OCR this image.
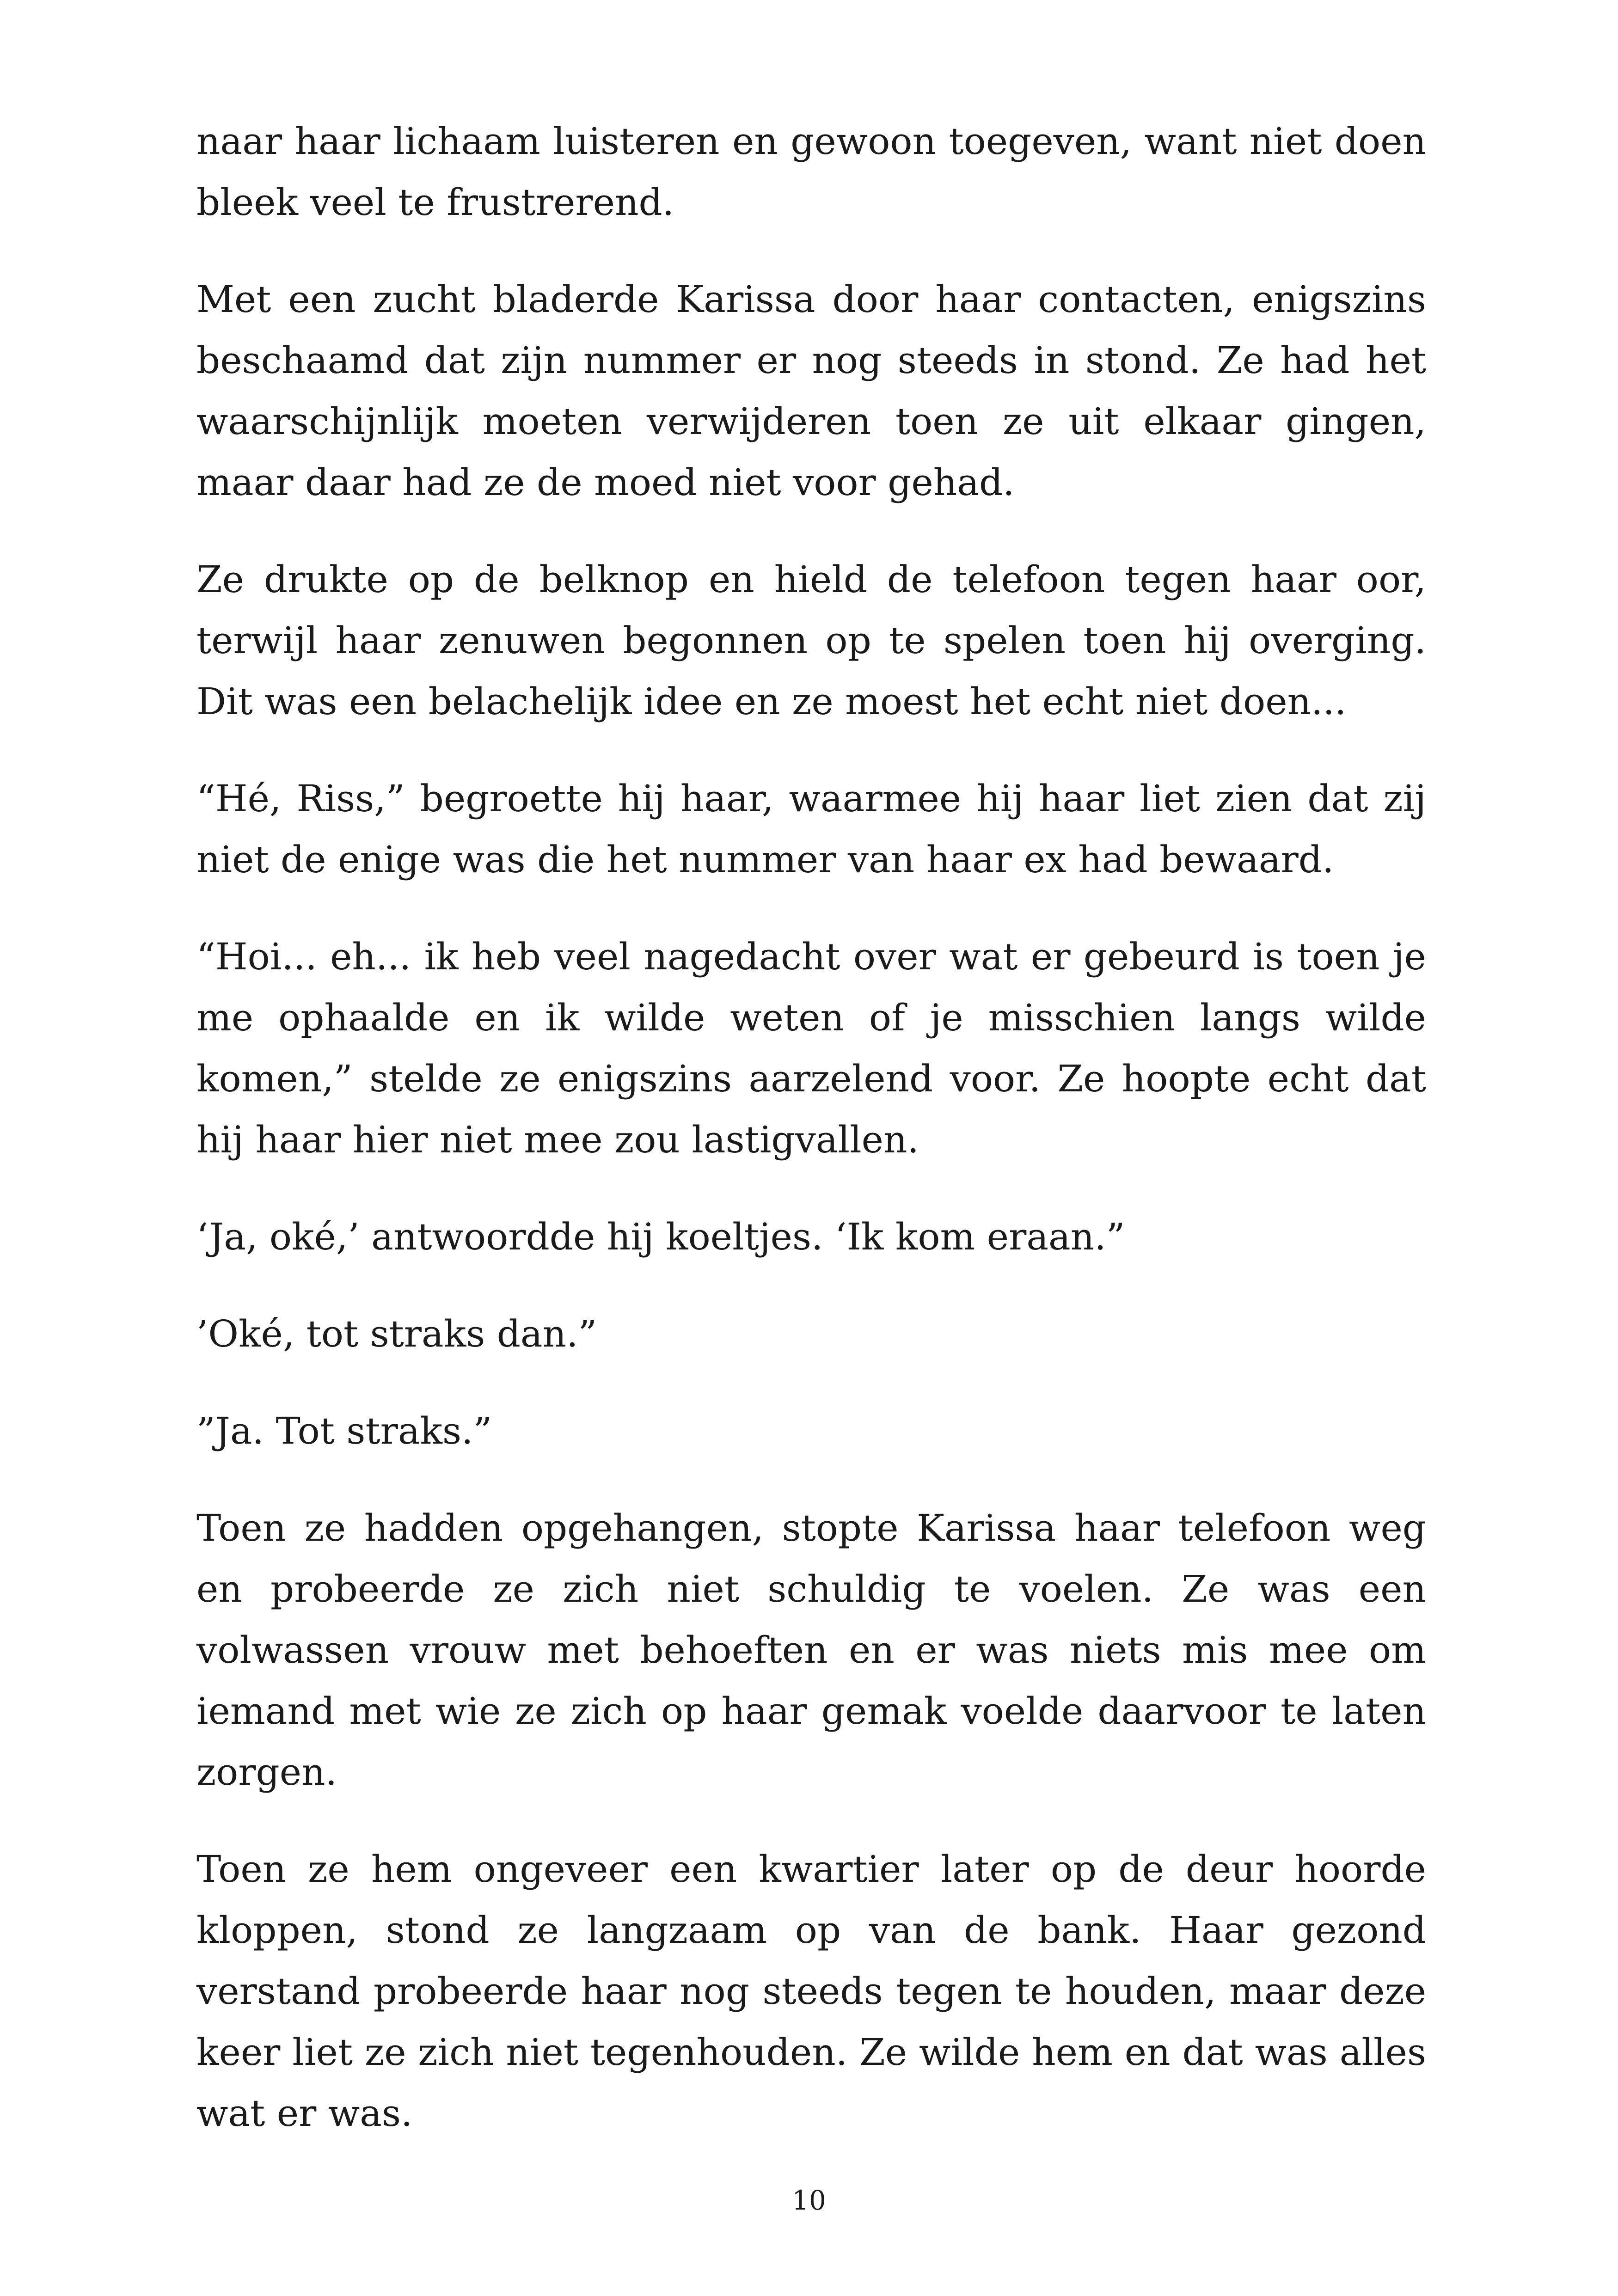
naar haar lichaam luisteren en gewoon toegeven, want niet doen bleek veel te frustrerend.

Met een zucht bladerde Karissa door haar contacten, enigszins beschaamd dat zijn nummer er nog steeds in stond. Ze had het waarschijnlijk moeten verwijderen toen ze uit elkaar gingen, maar daar had ze de moed niet voor gehad.

Ze drukte op de belknop en hield de telefoon tegen haar oor, terwijl haar zenuwen begonnen op te spelen toen hij overging. Dit was een belachelijk idee en ze moest het echt niet doen...

“Hé, Riss,” begroette hij haar, waarmee hij haar liet zien dat zij niet de enige was die het nummer van haar ex had bewaard.

“Hoi... eh... ik heb veel nagedacht over wat er gebeurd is toen je me ophaalde en ik wilde weten of je misschien langs wilde komen,” stelde ze enigszins aarzelend voor. Ze hoopte echt dat hij haar hier niet mee zou lastigvallen.

‘Ja, oké,’ antwoordde hij koeltjes. ‘Ik kom eraan.”

’Oké, tot straks dan.”

”Ja. Tot straks.”

Toen ze hadden opgehangen, stopte Karissa haar telefoon weg en probeerde ze zich niet schuldig te voelen. Ze was een volwassen vrouw met behoeften en er was niets mis mee om iemand met wie ze zich op haar gemak voelde daarvoor te laten zorgen.

Toen ze hem ongeveer een kwartier later op de deur hoorde kloppen, stond ze langzaam op van de bank. Haar gezond verstand probeerde haar nog steeds tegen te houden, maar deze keer liet ze zich niet tegenhouden. Ze wilde hem en dat was alles wat er was.

10
